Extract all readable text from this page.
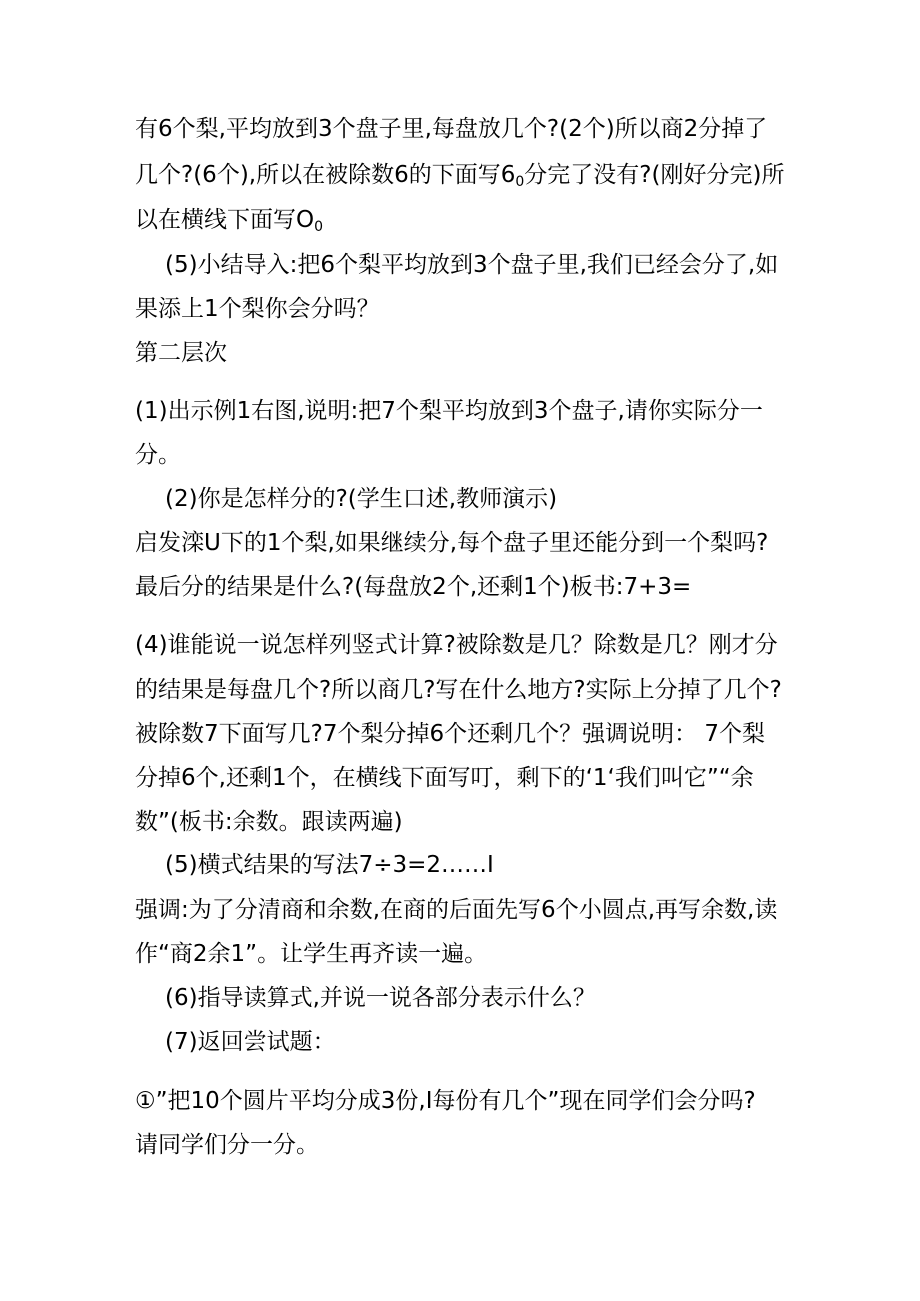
有6个梨,平均放到3个盘子里,每盘放几个?(2个)所以商2分掉了
几个?(6个),所以在被除数6的下面写$6_0$分完了没有?(刚好分完)所
以在横线下面写$O_0$
(5)小结导入:把6个梨平均放到3个盘子里,我们已经会分了,如
果添上1个梨你会分吗？
第二层次
(1)出示例1右图,说明:把7个梨平均放到3个盘子,请你实际分一
分。
(2)你是怎样分的?(学生口述,教师演示)
启发滦U下的1个梨,如果继续分,每个盘子里还能分到一个梨吗?
最后分的结果是什么?(每盘放2个,还剩1个)板书:7+3=
(4)谁能说一说怎样列竖式计算?被除数是几？除数是几？刚才分
的结果是每盘几个?所以商几?写在什么地方?实际上分掉了几个?
被除数7下面写几?7个梨分掉6个还剩几个？强调说明： 7个梨
分掉6个,还剩1个，在横线下面写叮，剩下的‘1‘我们叫它”“余
数”(板书:余数。跟读两遍)
(5)横式结果的写法7÷3=2……I
强调:为了分清商和余数,在商的后面先写6个小圆点,再写余数,读
作“商2余1”。让学生再齐读一遍。
(6)指导读算式,并说一说各部分表示什么？
(7)返回尝试题：
①”把10个圆片平均分成3份,I每份有几个”现在同学们会分吗?
请同学们分一分。
